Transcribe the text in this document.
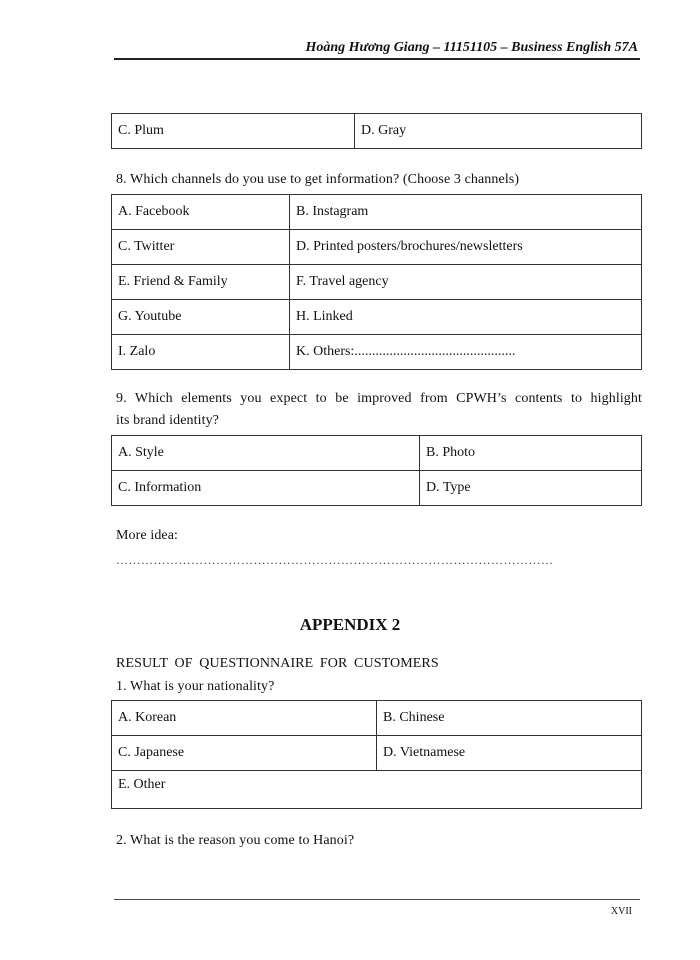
Hoàng Hương Giang – 11151105 – Business English 57A
C. Plum	D. Gray
8. Which channels do you use to get information? (Choose 3 channels)
A. Facebook	B. Instagram
C. Twitter	D. Printed posters/brochures/newsletters
E. Friend & Family	F. Travel agency
G. Youtube	H. Linked
I. Zalo	K. Others:..............................................
9. Which elements you expect to be improved from CPWH’s contents to highlight
its brand identity?
A. Style	B. Photo
C. Information	D. Type
More idea:
……………………………………………………………………………………………
APPENDIX 2
RESULT OF QUESTIONNAIRE FOR CUSTOMERS
1. What is your nationality?
A. Korean	B. Chinese
C. Japanese	D. Vietnamese
E. Other	
2. What is the reason you come to Hanoi?
XVII
